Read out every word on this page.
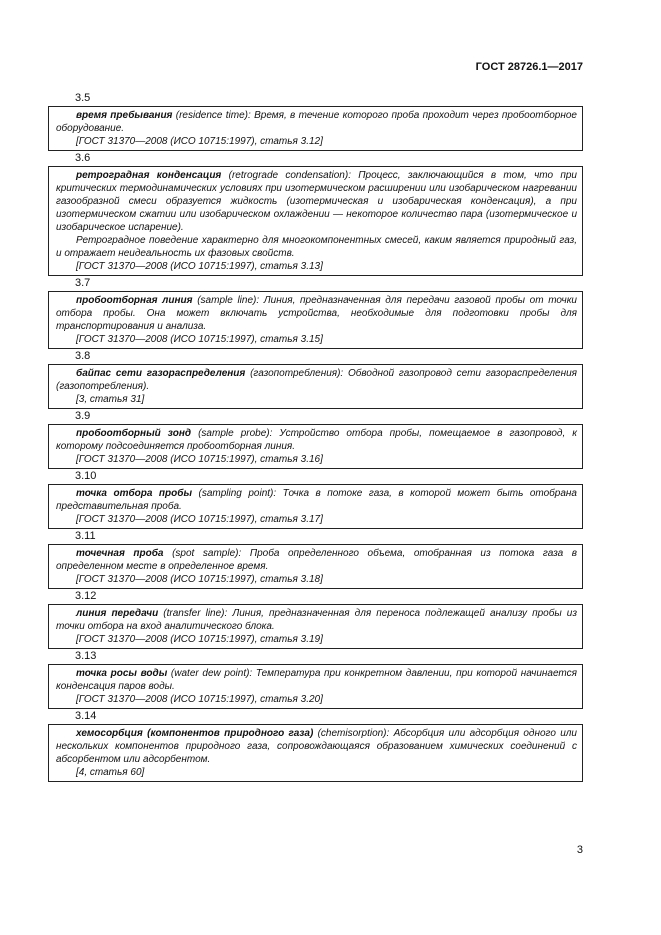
ГОСТ 28726.1—2017
3.5

время пребывания (residence time): Время, в течение которого проба проходит через пробоотборное оборудование.

[ГОСТ 31370—2008 (ИСО 10715:1997), статья 3.12]

3.6

ретроградная конденсация (retrograde condensation): Процесс, заключающийся в том, что при критических термодинамических условиях при изотермическом расширении или изобарическом нагревании газообразной смеси образуется жидкость (изотермическая и изобарическая конденсация), а при изотермическом сжатии или изобарическом охлаждении — некоторое количество пара (изотермическое и изобарическое испарение).

Ретроградное поведение характерно для многокомпонентных смесей, каким является природный газ, и отражает неидеальность их фазовых свойств.

[ГОСТ 31370—2008 (ИСО 10715:1997), статья 3.13]

3.7

пробоотборная линия (sample line): Линия, предназначенная для передачи газовой пробы от точки отбора пробы. Она может включать устройства, необходимые для подготовки пробы для транспортирования и анализа.

[ГОСТ 31370—2008 (ИСО 10715:1997), статья 3.15]

3.8

байпас сети газораспределения (газопотребления): Обводной газопровод сети газораспределения (газопотребления).

[3, статья 31]

3.9

пробоотборный зонд (sample probe): Устройство отбора пробы, помещаемое в газопровод, к которому подсоединяется пробоотборная линия.

[ГОСТ 31370—2008 (ИСО 10715:1997), статья 3.16]

3.10

точка отбора пробы (sampling point): Точка в потоке газа, в которой может быть отобрана представительная проба.

[ГОСТ 31370—2008 (ИСО 10715:1997), статья 3.17]

3.11

точечная проба (spot sample): Проба определенного объема, отобранная из потока газа в определенном месте в определенное время.

[ГОСТ 31370—2008 (ИСО 10715:1997), статья 3.18]

3.12

линия передачи (transfer line): Линия, предназначенная для переноса подлежащей анализу пробы из точки отбора на вход аналитического блока.

[ГОСТ 31370—2008 (ИСО 10715:1997), статья 3.19]

3.13

точка росы воды (water dew point): Температура при конкретном давлении, при которой начинается конденсация паров воды.

[ГОСТ 31370—2008 (ИСО 10715:1997), статья 3.20]

3.14

хемосорбция (компонентов природного газа) (chemisorption): Абсорбция или адсорбция одного или нескольких компонентов природного газа, сопровождающаяся образованием химических соединений с абсорбентом или адсорбентом.

[4, статья 60]

3
